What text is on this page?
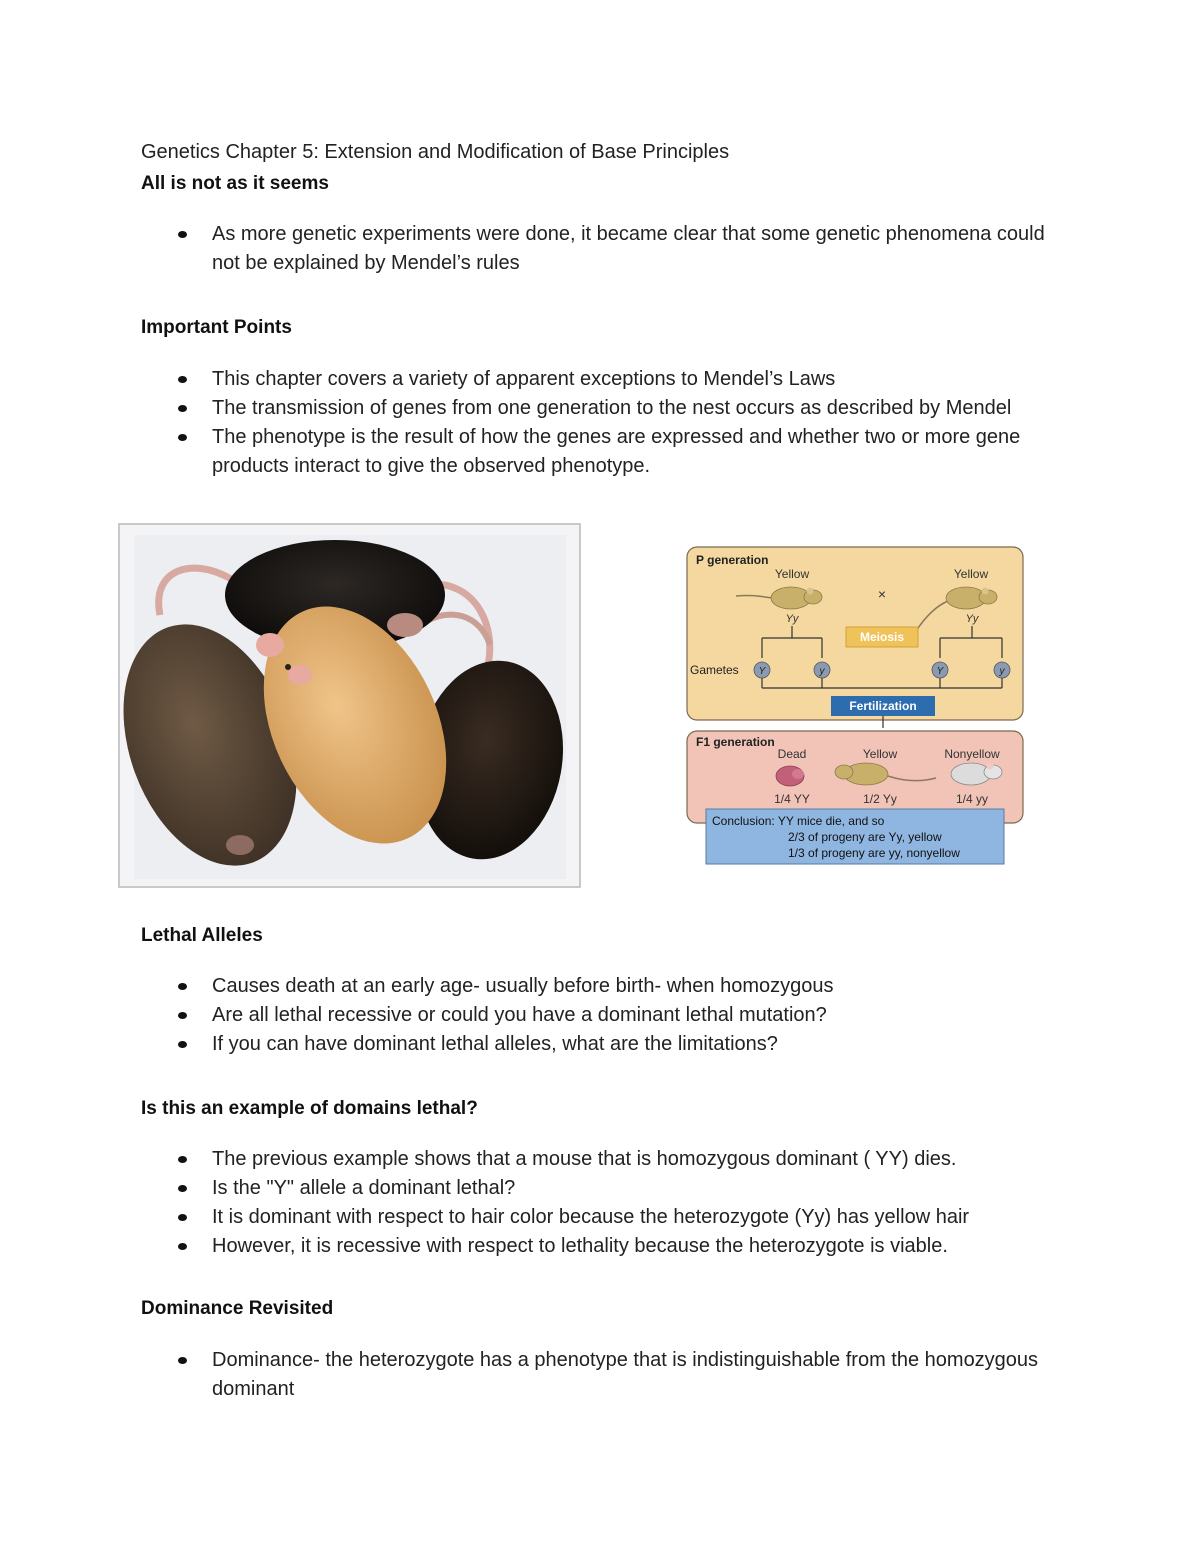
Genetics Chapter 5: Extension and Modification of Base Principles
All is not as it seems
As more genetic experiments were done, it became clear that some genetic phenomena could not be explained by Mendel’s rules
Important Points
This chapter covers a variety of apparent exceptions to Mendel’s Laws
The transmission of genes from one generation to the nest occurs as described by Mendel
The phenotype is the result of how the genes are expressed and whether two or more gene products interact to give the observed phenotype.
P generation
Yellow	Yellow
×
Yy	Yy
Meiosis
Gametes Y	y	Y	y
Fertilization
F1 generation
Dead	Yellow	Nonyellow
1/4 YY	1/2 Yy	1/4 yy
Conclusion: YY mice die, and so
2/3 of progeny are Yy, yellow
1/3 of progeny are yy, nonyellow
Lethal Alleles
Causes death at an early age- usually before birth- when homozygous
Are all lethal recessive or could you have a dominant lethal mutation?
If you can have dominant lethal alleles, what are the limitations?
Is this an example of domains lethal?
The previous example shows that a mouse that is homozygous dominant ( YY) dies.
Is the "Y" allele a dominant lethal?
It is dominant with respect to hair color because the heterozygote (Yy) has yellow hair
However, it is recessive with respect to lethality because the heterozygote is viable.
Dominance Revisited
Dominance- the heterozygote has a phenotype that is indistinguishable from the homozygous dominant
